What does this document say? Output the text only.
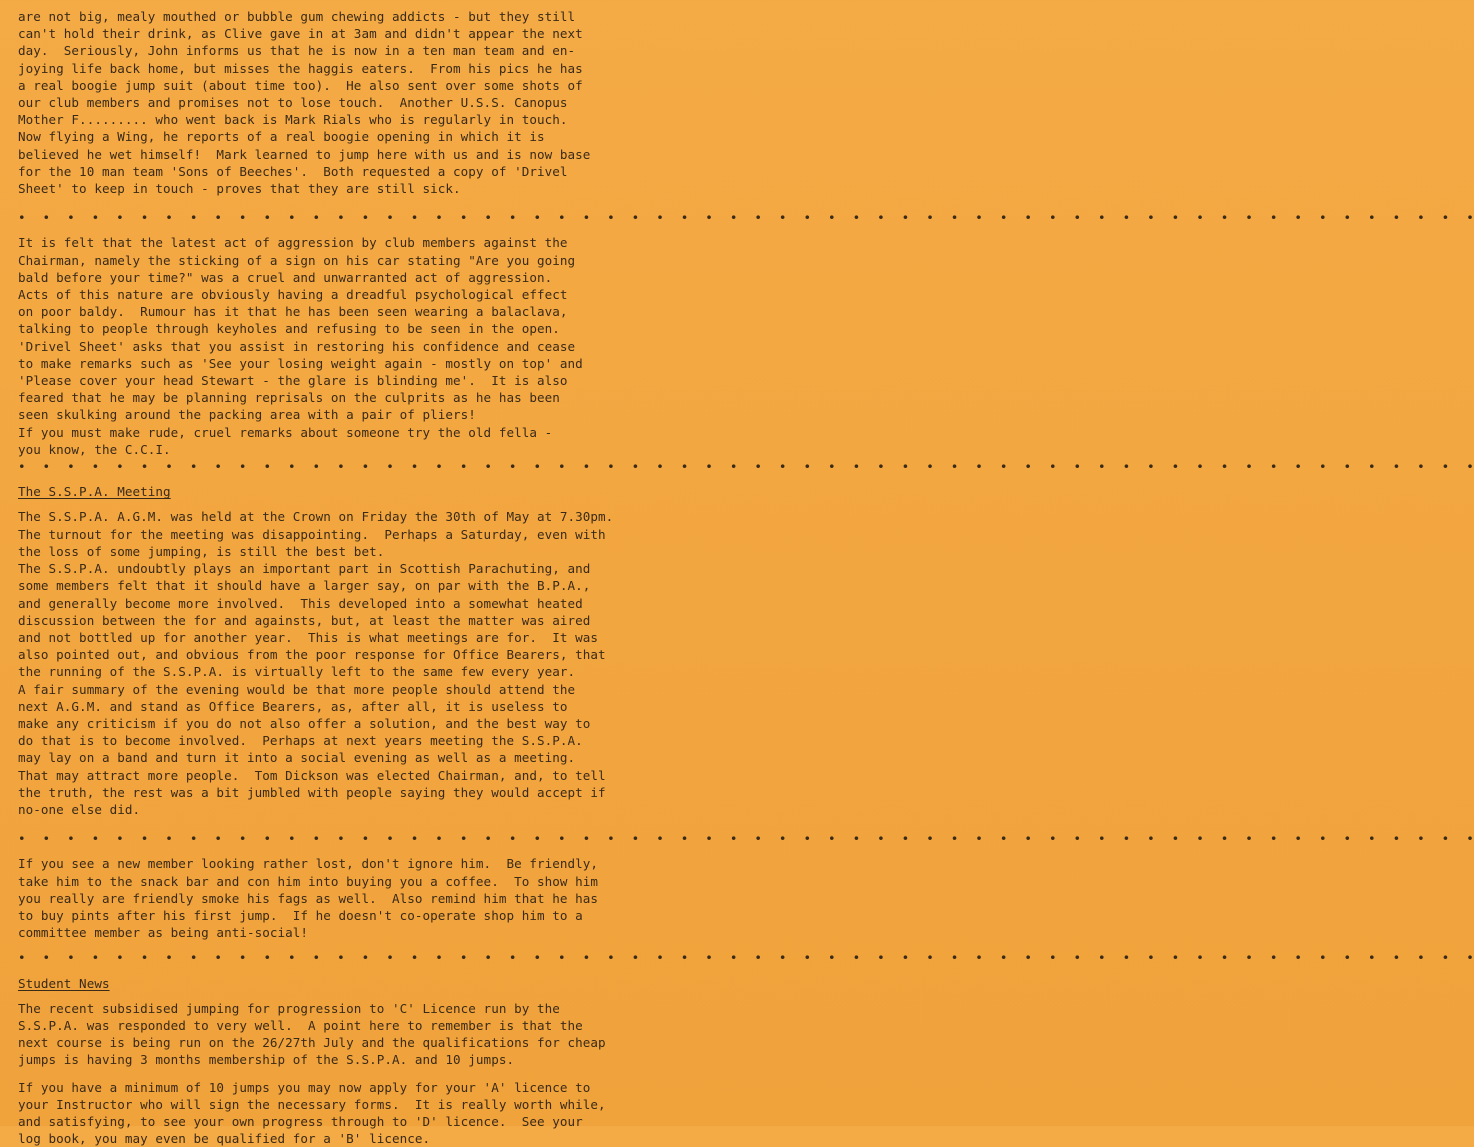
are not big, mealy mouthed or bubble gum chewing addicts - but they still

can't hold their drink, as Clive gave in at 3am and didn't appear the next

day.  Seriously, John informs us that he is now in a ten man team and en-

joying life back home, but misses the haggis eaters.  From his pics he has

a real boogie jump suit (about time too).  He also sent over some shots of

our club members and promises not to lose touch.  Another U.S.S. Canopus

Mother F......... who went back is Mark Rials who is regularly in touch.

Now flying a Wing, he reports of a real boogie opening in which it is

believed he wet himself!  Mark learned to jump here with us and is now base

for the 10 man team 'Sons of Beeches'.  Both requested a copy of 'Drivel

Sheet' to keep in touch - proves that they are still sick.

•  •  •  •  •  •  •  •  •  •  •  •  •  •  •  •  •  •  •  •  •  •  •  •  •  •  •  •  •  •  •  •  •  •  •  •  •  •  •  •  •  •  •  •  •  •  •  •  •  •  •  •  •  •  •  •  •  •  •  •

It is felt that the latest act of aggression by club members against the

Chairman, namely the sticking of a sign on his car stating "Are you going

bald before your time?" was a cruel and unwarranted act of aggression.

Acts of this nature are obviously having a dreadful psychological effect

on poor baldy.  Rumour has it that he has been seen wearing a balaclava,

talking to people through keyholes and refusing to be seen in the open.

'Drivel Sheet' asks that you assist in restoring his confidence and cease

to make remarks such as 'See your losing weight again - mostly on top' and

'Please cover your head Stewart - the glare is blinding me'.  It is also

feared that he may be planning reprisals on the culprits as he has been

seen skulking around the packing area with a pair of pliers!

If you must make rude, cruel remarks about someone try the old fella -

you know, the C.C.I.

•  •  •  •  •  •  •  •  •  •  •  •  •  •  •  •  •  •  •  •  •  •  •  •  •  •  •  •  •  •  •  •  •  •  •  •  •  •  •  •  •  •  •  •  •  •  •  •  •  •  •  •  •  •  •  •  •  •  •  •

The S.S.P.A. Meeting

The S.S.P.A. A.G.M. was held at the Crown on Friday the 30th of May at 7.30pm.

The turnout for the meeting was disappointing.  Perhaps a Saturday, even with

the loss of some jumping, is still the best bet.

The S.S.P.A. undoubtly plays an important part in Scottish Parachuting, and

some members felt that it should have a larger say, on par with the B.P.A.,

and generally become more involved.  This developed into a somewhat heated

discussion between the for and againsts, but, at least the matter was aired

and not bottled up for another year.  This is what meetings are for.  It was

also pointed out, and obvious from the poor response for Office Bearers, that

the running of the S.S.P.A. is virtually left to the same few every year.

A fair summary of the evening would be that more people should attend the

next A.G.M. and stand as Office Bearers, as, after all, it is useless to

make any criticism if you do not also offer a solution, and the best way to

do that is to become involved.  Perhaps at next years meeting the S.S.P.A.

may lay on a band and turn it into a social evening as well as a meeting.

That may attract more people.  Tom Dickson was elected Chairman, and, to tell

the truth, the rest was a bit jumbled with people saying they would accept if

no-one else did.

•  •  •  •  •  •  •  •  •  •  •  •  •  •  •  •  •  •  •  •  •  •  •  •  •  •  •  •  •  •  •  •  •  •  •  •  •  •  •  •  •  •  •  •  •  •  •  •  •  •  •  •  •  •  •  •  •  •  •  •

If you see a new member looking rather lost, don't ignore him.  Be friendly,

take him to the snack bar and con him into buying you a coffee.  To show him

you really are friendly smoke his fags as well.  Also remind him that he has

to buy pints after his first jump.  If he doesn't co-operate shop him to a

committee member as being anti-social!

•  •  •  •  •  •  •  •  •  •  •  •  •  •  •  •  •  •  •  •  •  •  •  •  •  •  •  •  •  •  •  •  •  •  •  •  •  •  •  •  •  •  •  •  •  •  •  •  •  •  •  •  •  •  •  •  •  •  •  •

Student News

The recent subsidised jumping for progression to 'C' Licence run by the

S.S.P.A. was responded to very well.  A point here to remember is that the

next course is being run on the 26/27th July and the qualifications for cheap

jumps is having 3 months membership of the S.S.P.A. and 10 jumps.

If you have a minimum of 10 jumps you may now apply for your 'A' licence to

your Instructor who will sign the necessary forms.  It is really worth while,

and satisfying, to see your own progress through to 'D' licence.  See your

log book, you may even be qualified for a 'B' licence.
